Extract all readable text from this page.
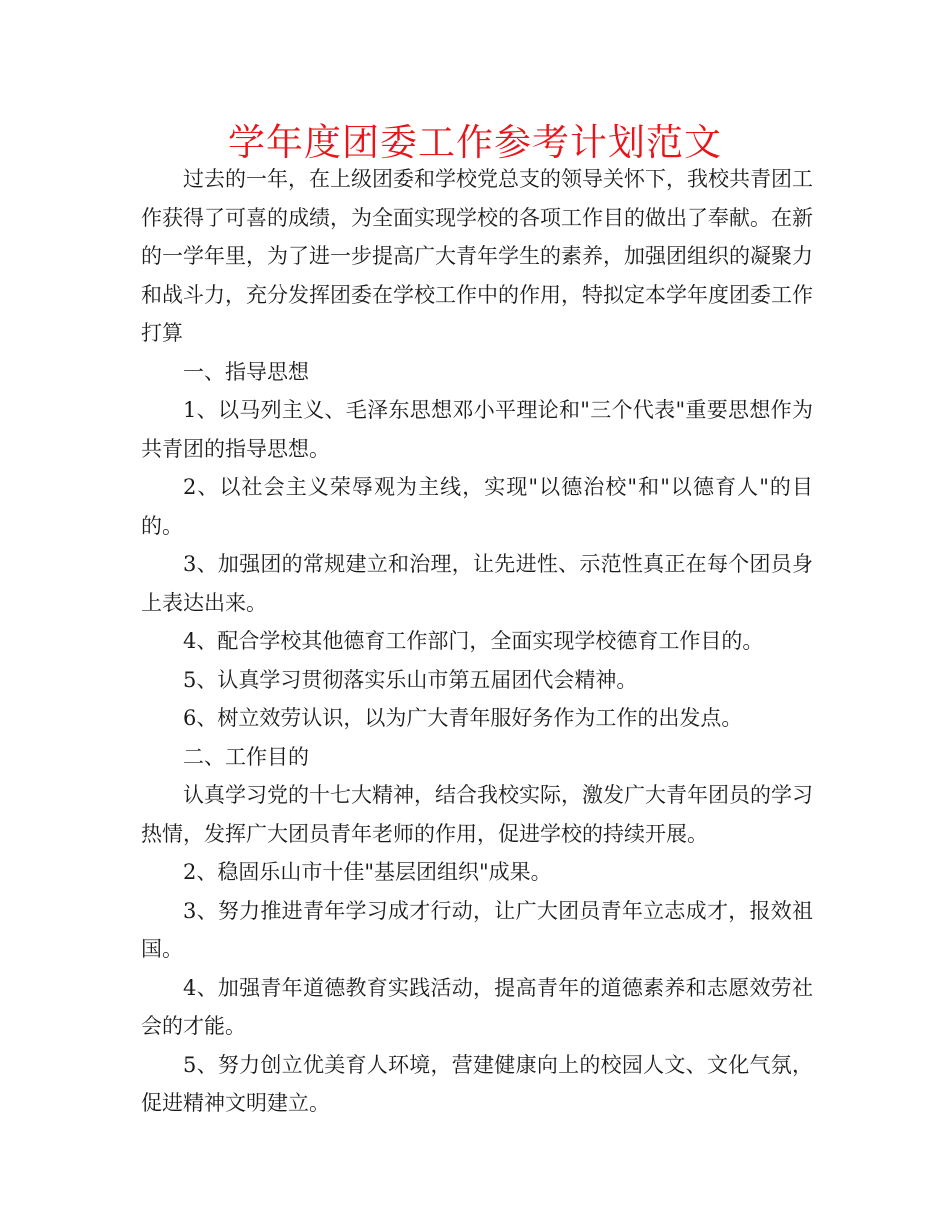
学年度团委工作参考计划范文

过去的一年，在上级团委和学校党总支的领导关怀下，我校共青团工作获得了可喜的成绩，为全面实现学校的各项工作目的做出了奉献。在新的一学年里，为了进一步提高广大青年学生的素养，加强团组织的凝聚力和战斗力，充分发挥团委在学校工作中的作用，特拟定本学年度团委工作打算

一、指导思想

1、以马列主义、毛泽东思想邓小平理论和"三个代表"重要思想作为共青团的指导思想。

2、以社会主义荣辱观为主线，实现"以德治校"和"以德育人"的目的。

3、加强团的常规建立和治理，让先进性、示范性真正在每个团员身上表达出来。

4、配合学校其他德育工作部门，全面实现学校德育工作目的。

5、认真学习贯彻落实乐山市第五届团代会精神。

6、树立效劳认识，以为广大青年服好务作为工作的出发点。

二、工作目的

认真学习党的十七大精神，结合我校实际，激发广大青年团员的学习热情，发挥广大团员青年老师的作用，促进学校的持续开展。

2、稳固乐山市十佳"基层团组织"成果。

3、努力推进青年学习成才行动，让广大团员青年立志成才，报效祖国。

4、加强青年道德教育实践活动，提高青年的道德素养和志愿效劳社会的才能。

5、努力创立优美育人环境，营建健康向上的校园人文、文化气氛，促进精神文明建立。
